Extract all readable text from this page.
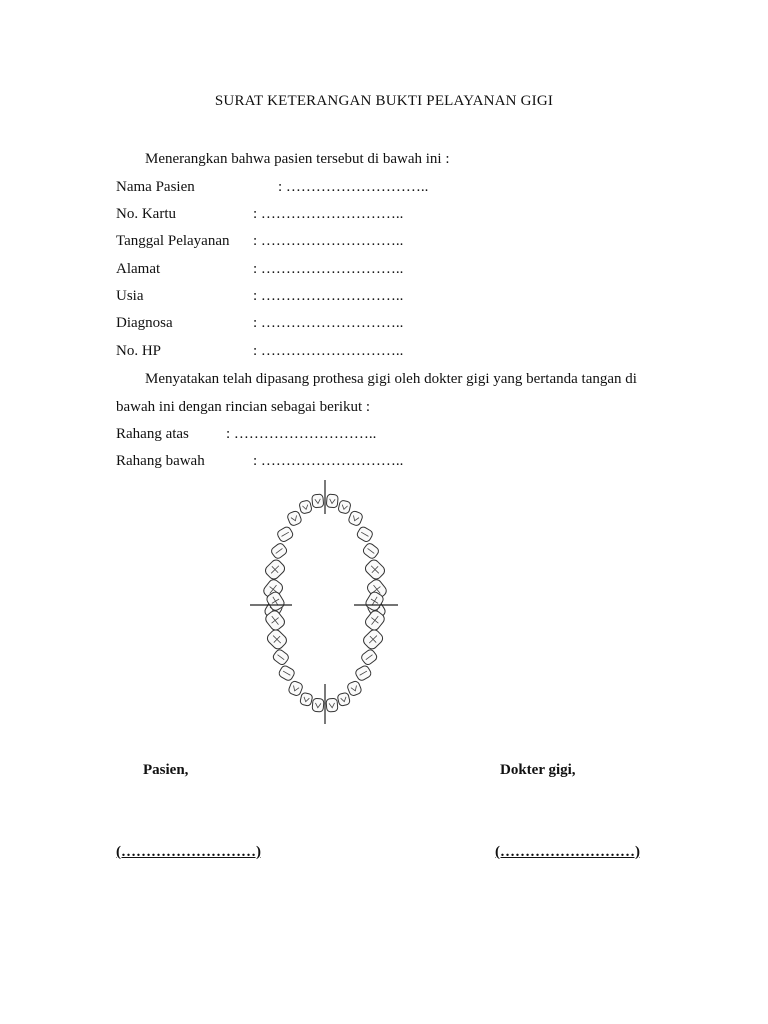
SURAT KETERANGAN BUKTI PELAYANAN GIGI
Menerangkan bahwa pasien tersebut di bawah ini :
Nama Pasien	: ………………………..
No. Kartu	: ………………………..
Tanggal Pelayanan : ………………………..
Alamat	: ………………………..
Usia	: ………………………..
Diagnosa	: ………………………..
No. HP	: ………………………..
Menyatakan telah dipasang prothesa gigi oleh dokter gigi yang bertanda tangan di
bawah ini dengan rincian sebagai berikut :
Rahang atas : ………………………..
Rahang bawah	: ………………………..
Pasien,	Dokter gigi,
(………………………)	(………………………)
